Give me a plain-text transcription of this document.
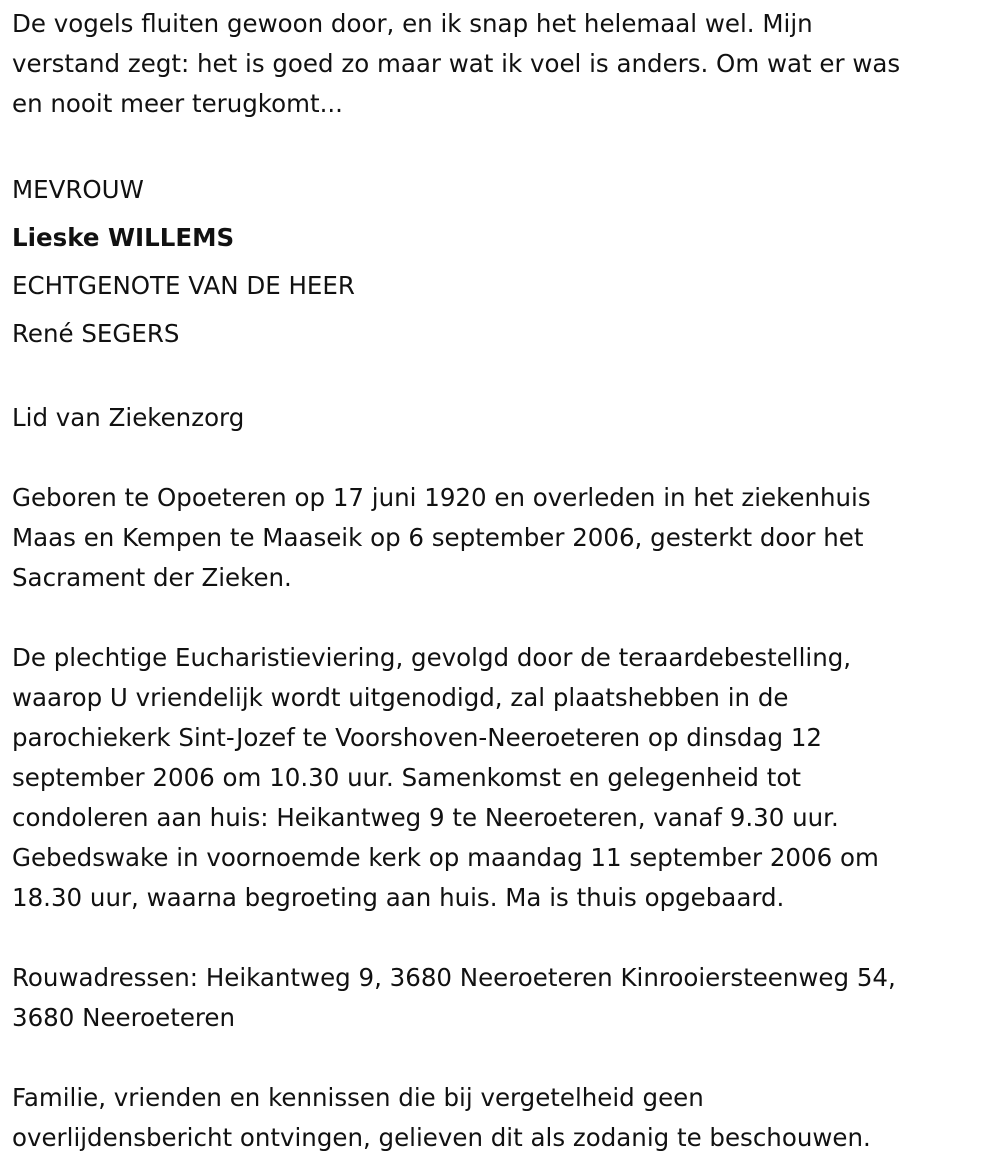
De vogels fluiten gewoon door, en ik snap het helemaal wel. Mijn
verstand zegt: het is goed zo maar wat ik voel is anders. Om wat er was
en nooit meer terugkomt...

MEVROUW

Lieske WILLEMS

ECHTGENOTE VAN DE HEER

René SEGERS

Lid van Ziekenzorg

Geboren te Opoeteren op 17 juni 1920 en overleden in het ziekenhuis
Maas en Kempen te Maaseik op 6 september 2006, gesterkt door het
Sacrament der Zieken.

De plechtige Eucharistieviering, gevolgd door de teraardebestelling,
waarop U vriendelijk wordt uitgenodigd, zal plaatshebben in de
parochiekerk Sint-Jozef te Voorshoven-Neeroeteren op dinsdag 12
september 2006 om 10.30 uur. Samenkomst en gelegenheid tot
condoleren aan huis: Heikantweg 9 te Neeroeteren, vanaf 9.30 uur.
Gebedswake in voornoemde kerk op maandag 11 september 2006 om
18.30 uur, waarna begroeting aan huis. Ma is thuis opgebaard.

Rouwadressen: Heikantweg 9, 3680 Neeroeteren Kinrooiersteenweg 54,
3680 Neeroeteren

Familie, vrienden en kennissen die bij vergetelheid geen
overlijdensbericht ontvingen, gelieven dit als zodanig te beschouwen.
